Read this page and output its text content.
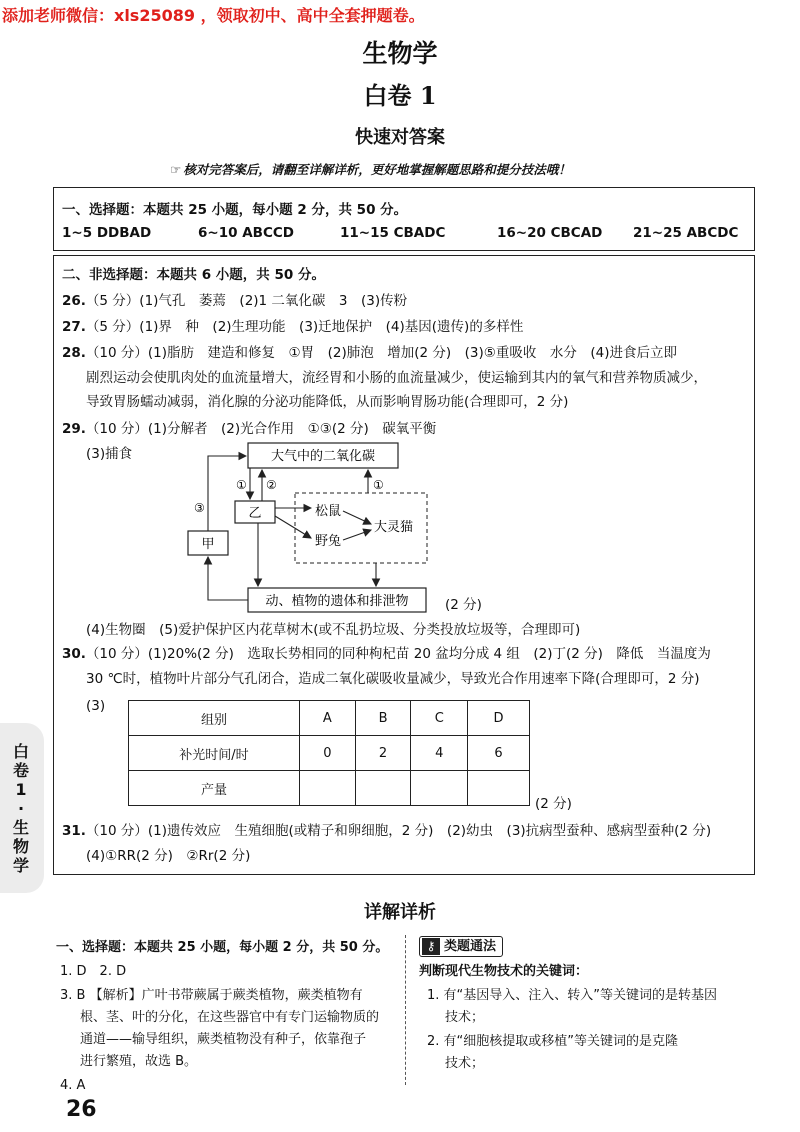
添加老师微信：xls25089 ，领取初中、高中全套押题卷。
生物学
白卷 1
快速对答案
☞ 核对完答案后，请翻至详解详析，更好地掌握解题思路和提分技法哦！
一、选择题：本题共 25 小题，每小题 2 分，共 50 分。
1~5 DDBAD	6~10 ABCCD	11~15 CBADC	16~20 CBCAD 21~25 ABCDC
二、非选择题：本题共 6 小题，共 50 分。
26.（5 分）(1)气孔　萎蔫　(2)1 二氧化碳　3　(3)传粉
27.（5 分）(1)界　种　(2)生理功能　(3)迁地保护　(4)基因(遗传)的多样性
28.（10 分）(1)脂肪　建造和修复　①胃　(2)肺泡　增加(2 分)　(3)⑤重吸收　水分　(4)进食后立即
剧烈运动会使肌肉处的血流量增大，流经胃和小肠的血流量减少，使运输到其内的氧气和营养物质减少，
导致胃肠蠕动减弱，消化腺的分泌功能降低，从而影响胃肠功能(合理即可，2 分)
29.（10 分）(1)分解者　(2)光合作用　①③(2 分)　碳氧平衡
(3)捕食	大气中的二氧化碳
乙
甲
松鼠
野兔
大灵猫
动、植物的遗体和排泄物
① ②	①
③
(2 分)
(4)生物圈　(5)爱护保护区内花草树木(或不乱扔垃圾、分类投放垃圾等，合理即可)
30.（10 分）(1)20%(2 分)　选取长势相同的同种枸杞苗 20 盆均分成 4 组　(2)丁(2 分)　降低　当温度为
30 ℃时，植物叶片部分气孔闭合，造成二氧化碳吸收量减少，导致光合作用速率下降(合理即可，2 分)
(3)
组别	A	B	C	D
补光时间/时	0	2	4	6
产量				
(2 分)
31.（10 分）(1)遗传效应　生殖细胞(或精子和卵细胞，2 分)　(2)幼虫　(3)抗病型蚕种、感病型蚕种(2 分)
(4)①RR(2 分)　②Rr(2 分)
白
卷
1
·
生
物
学
详解详析
一、选择题：本题共 25 小题，每小题 2 分，共 50 分。
1. D　2. D
3. B 【解析】广叶书带蕨属于蕨类植物，蕨类植物有
根、茎、叶的分化，在这些器官中有专门运输物质的
通道——输导组织，蕨类植物没有种子，依靠孢子
进行繁殖，故选 B。
4. A
⚷ 类题通法
判断现代生物技术的关键词：
1. 有“基因导入、注入、转入”等关键词的是转基因
技术；
2. 有“细胞核提取或移植”等关键词的是克隆
技术；
26
